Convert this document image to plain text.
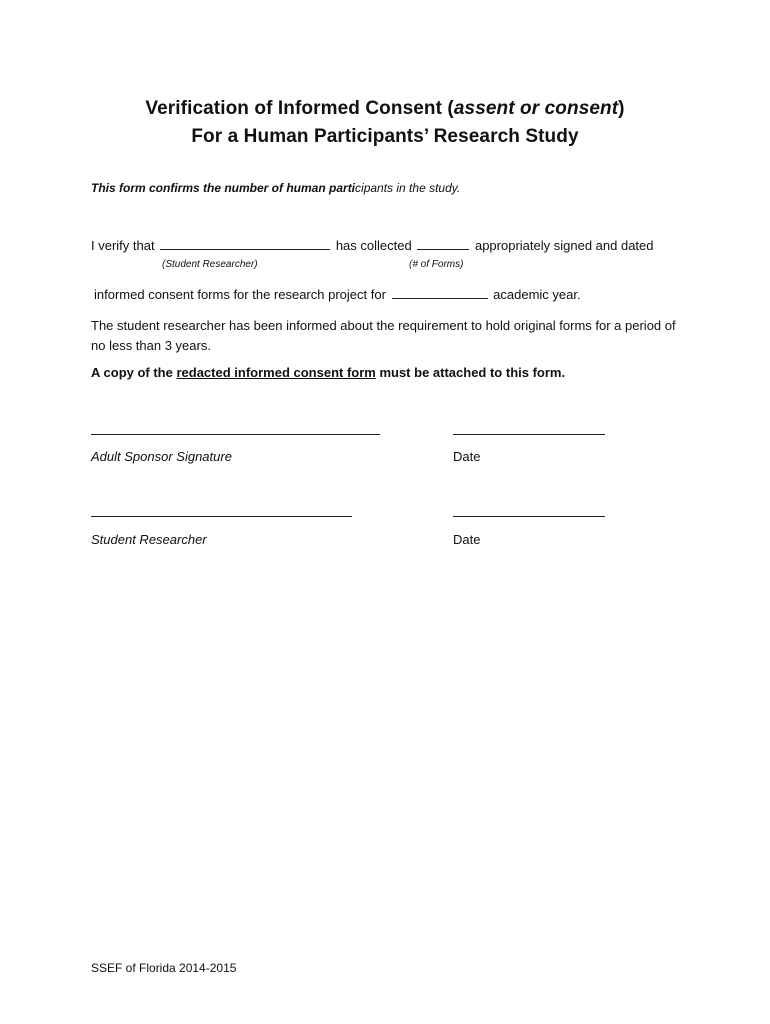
Verification of Informed Consent (assent or consent)
For a Human Participants’ Research Study
This form confirms the number of human participants in the study.
I verify that	has collected	appropriately signed and dated
(Student Researcher)	(# of Forms)
informed consent forms for the research project for	academic year.
The student researcher has been informed about the requirement to hold original forms for a period of no less than 3 years.
A copy of the redacted informed consent form must be attached to this form.
Adult Sponsor Signature	Date
Student Researcher	Date
SSEF of Florida 2014-2015
